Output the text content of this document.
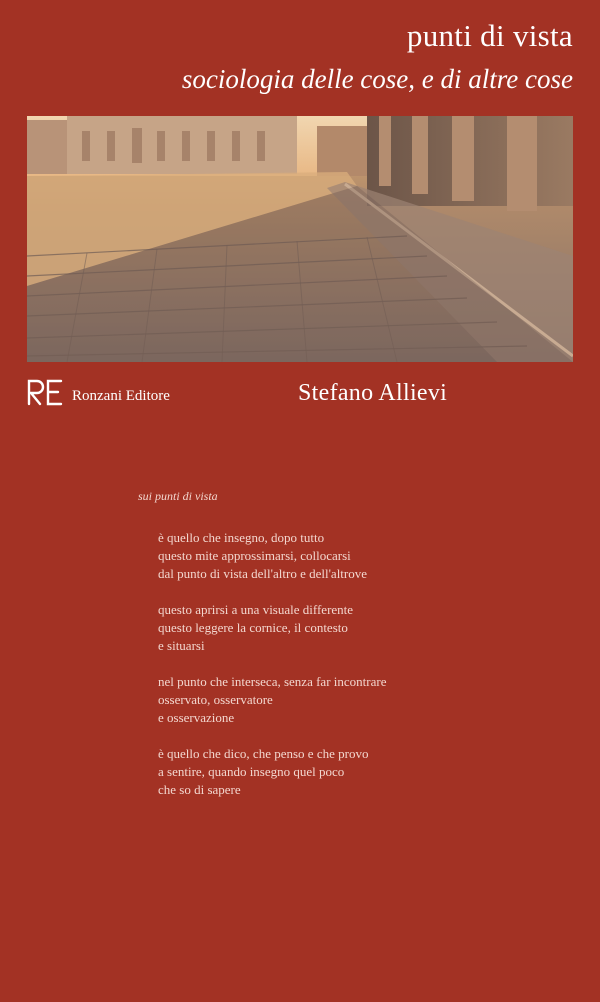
punti di vista
sociologia delle cose, e di altre cose
Ronzani Editore	Stefano Allievi
sui punti di vista
è quello che insegno, dopo tutto
questo mite approssimarsi, collocarsi
dal punto di vista dell'altro e dell'altrove
questo aprirsi a una visuale differente
questo leggere la cornice, il contesto
e situarsi
nel punto che interseca, senza far incontrare
osservato, osservatore
e osservazione
è quello che dico, che penso e che provo
a sentire, quando insegno quel poco
che so di sapere
